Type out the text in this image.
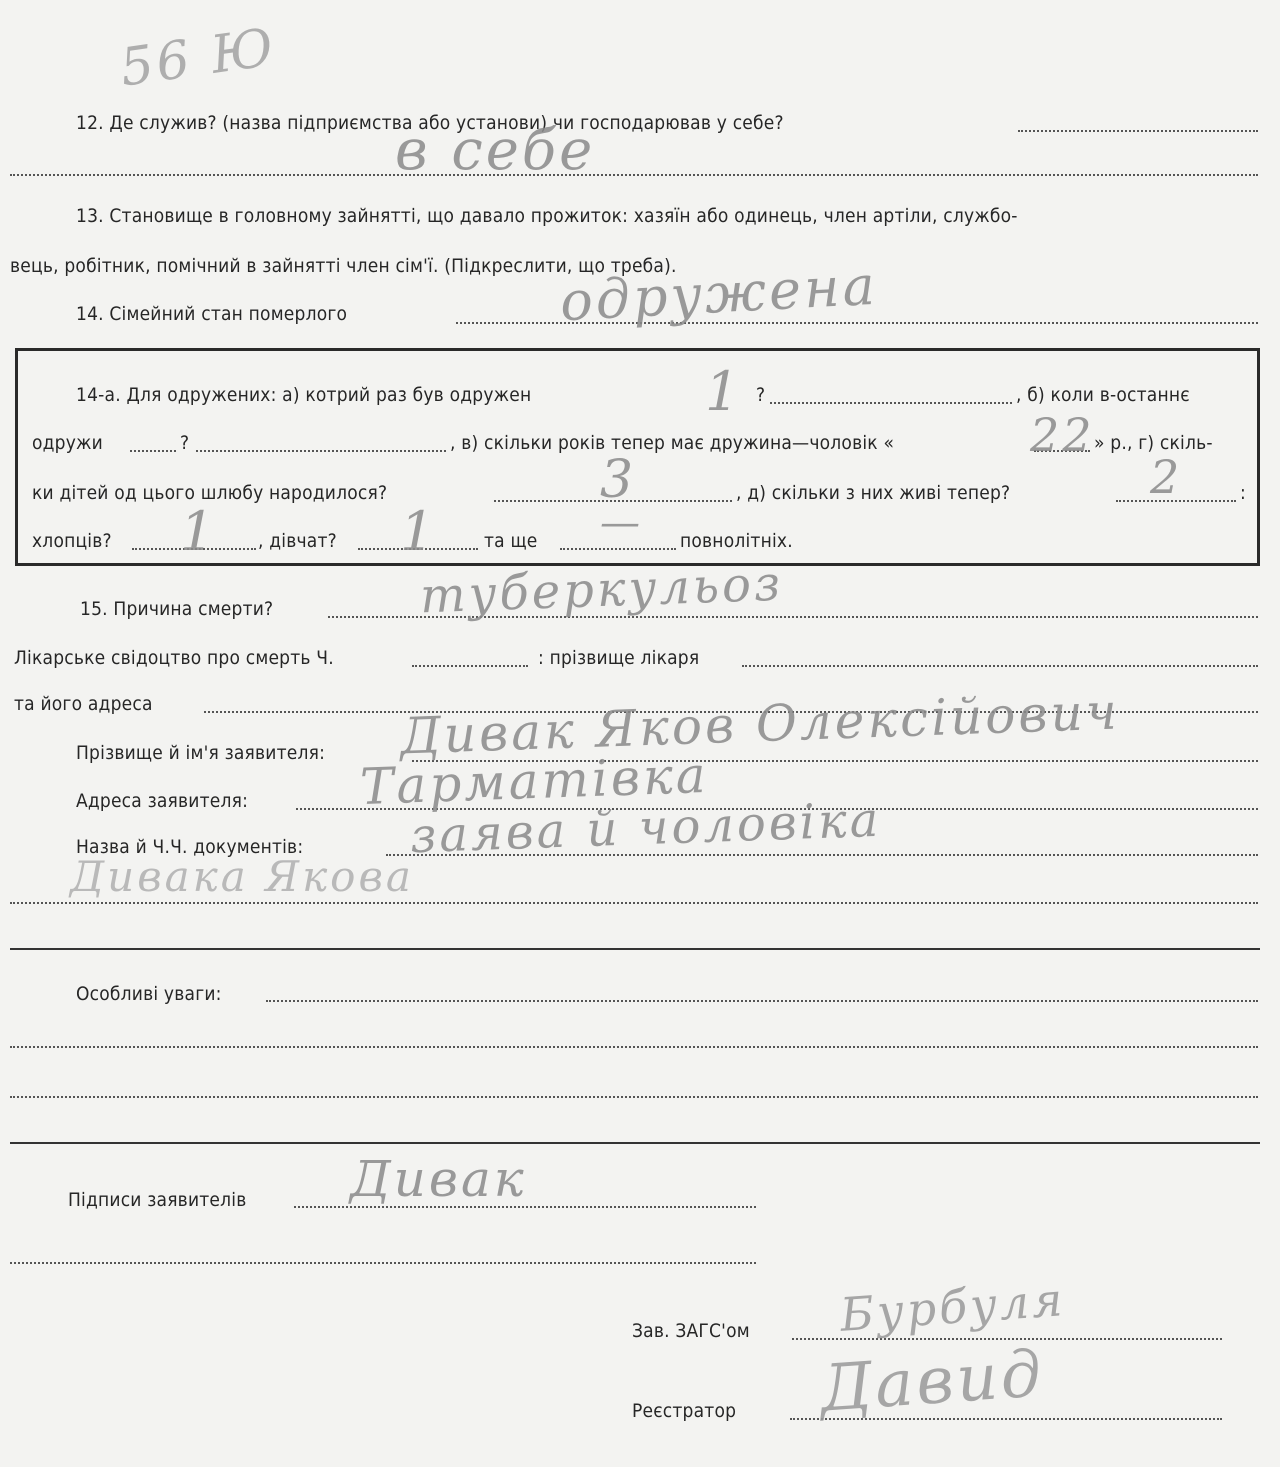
56 Ю
12. Де служив? (назва підприємства або установи) чи господарював у себе?
в себе
13. Становище в головному зайнятті, що давало прожиток: хазяїн або одинець, член артіли, службо-
вець, робітник, помічний в зайнятті член сім'ї. (Підкреслити, що треба).
14. Сімейний стан померлого	одружена
14-а. Для одружених: а) котрий раз був одружен	?	, б) коли в-останнє
1
одружи	?	, в) скільки років тепер має дружина—чоловік «	» р., г) скіль-
22
ки дітей од цього шлюбу народилося?	, д) скільки з них живі тепер?	:
3	2
хлопців?	, дівчат?	та ще	повнолітніх.
1	1	—
15. Причина смерти?	туберкульоз
Лікарське свідоцтво про смерть Ч.	: прізвище лікаря
та його адреса
Прізвище й ім'я заявителя: Дивак Яков Олексійович
Адреса заявителя: Тарматівка
Назва й Ч.Ч. документів: заява й чоловіка
Дивака Якова
Особливі уваги:
Підписи заявителів Дивак
Зав. ЗАГС'ом Бурбуля
Реєстратор Давид
